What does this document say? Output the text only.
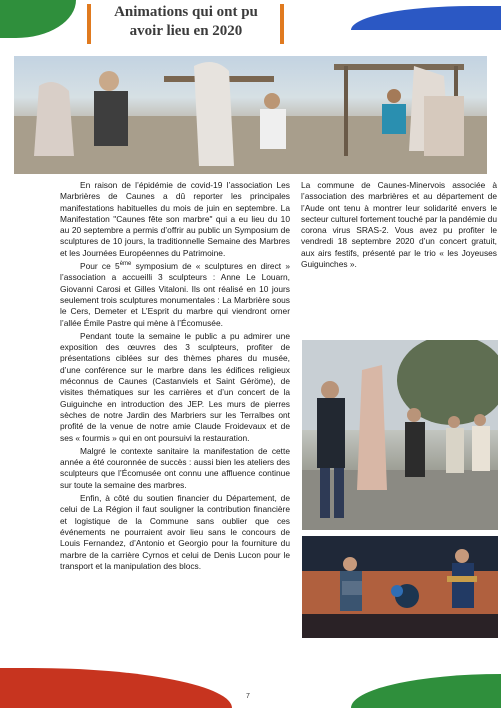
Animations qui ont pu
avoir lieu en 2020

En raison de l’épidémie de covid-19 l’association Les Marbrières de Caunes a dû reporter les principales manifestations habituelles du mois de juin en septembre. La Manifestation "Caunes fête son marbre" qui a eu lieu du 10 au 20 septembre a permis d’offrir au public un Symposium de sculptures de 10 jours, la traditionnelle Semaine des Marbres et les Journées Européennes du Patrimoine.

Pour ce 5ème symposium de « sculptures en direct » l’association a accueilli 3 sculpteurs : Anne Le Louarn, Giovanni Carosi et Gilles Vitaloni. Ils ont réalisé en 10 jours seulement trois sculptures monumentales : La Marbrière sous le Cers, Demeter et L’Esprit du marbre qui viendront orner l’allée Émile Pastre qui mène à l’Écomusée.

Pendant toute la semaine le public a pu admirer une exposition des œuvres des 3 sculpteurs, profiter de présentations ciblées sur des thèmes phares du musée, d’une conférence sur le marbre dans les édifices religieux méconnus de Caunes (Castanviels et Saint Géröme), de visites thématiques sur les carrières et d’un concert de la Guiguinche en introduction des JEP. Les murs de pierres sèches de notre Jardin des Marbriers sur les Terralbes ont profité de la venue de notre amie Claude Froidevaux et de ses « fourmis » qui en ont poursuivi la restauration.

Malgré le contexte sanitaire la manifestation de cette année a été couronnée de succès : aussi bien les ateliers des sculpteurs que l’Écomusée ont connu une affluence continue sur toute la semaine des marbres.

Enfin, à côté du soutien financier du Département, de celui de La Région il faut souligner la contribution financière et logistique de la Commune sans oublier que ces événements ne pourraient avoir lieu sans le concours de Louis Fernandez, d’Antonio et Georgio pour la fourniture du marbre de la carrière Cyrnos et celui de Denis Lucon pour le transport et la manipulation des blocs.

La commune de Caunes-Minervois associée à l’association des marbrières et au département de l’Aude ont tenu à montrer leur solidarité envers le secteur culturel fortement touché par la pandémie du corona virus SRAS-2. Vous avez pu profiter le vendredi 18 septembre 2020 d’un concert gratuit, aux airs festifs, présenté par le trio « les Joyeuses Guiguinches ».

7
